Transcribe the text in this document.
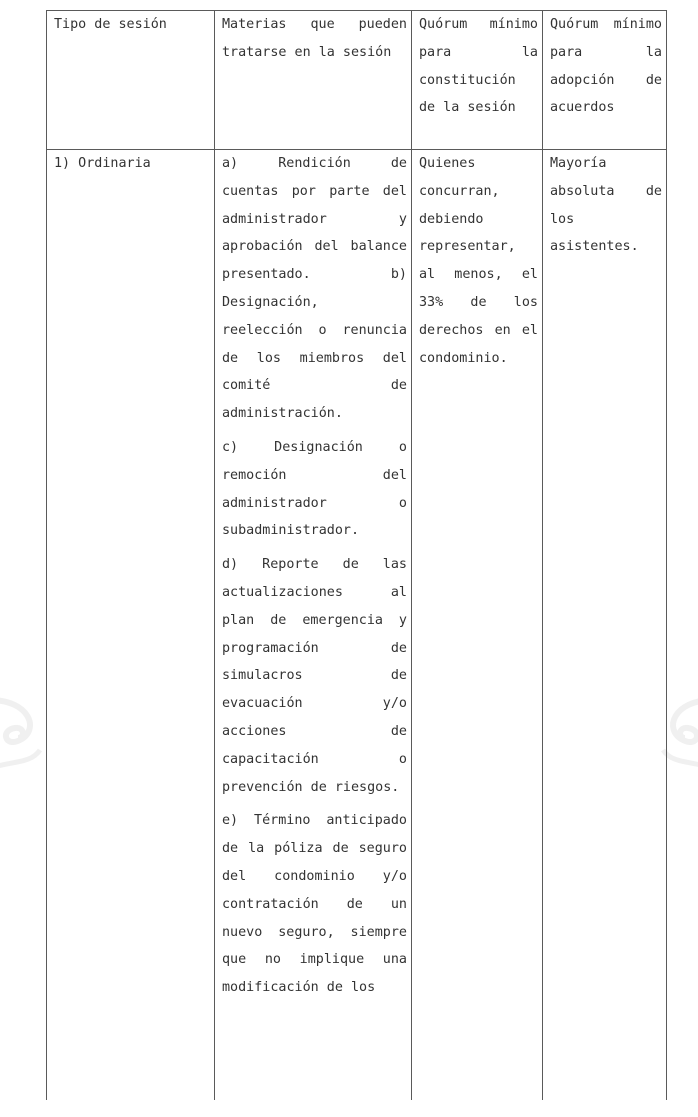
Tipo de sesión	Materias que pueden tratarse en la sesión	Quórum mínimo para la constitución de la sesión	Quórum mínimo para la adopción de acuerdos
1) Ordinaria	a) Rendición de cuentas por parte del administrador y aprobación del balance presentado. b) Designación, reelección o renuncia de los miembros del comité de administración.

c) Designación o remoción del administrador o subadministrador.

d) Reporte de las actualizaciones al plan de emergencia y programación de simulacros de evacuación y/o acciones de capacitación o prevención de riesgos.

e) Término anticipado de la póliza de seguro del condominio y/o contratación de un nuevo seguro, siempre que no implique una modificación de los	Quienes concurran, debiendo representar, al menos, el 33% de los derechos en el condominio.	Mayoría absoluta de los asistentes.
